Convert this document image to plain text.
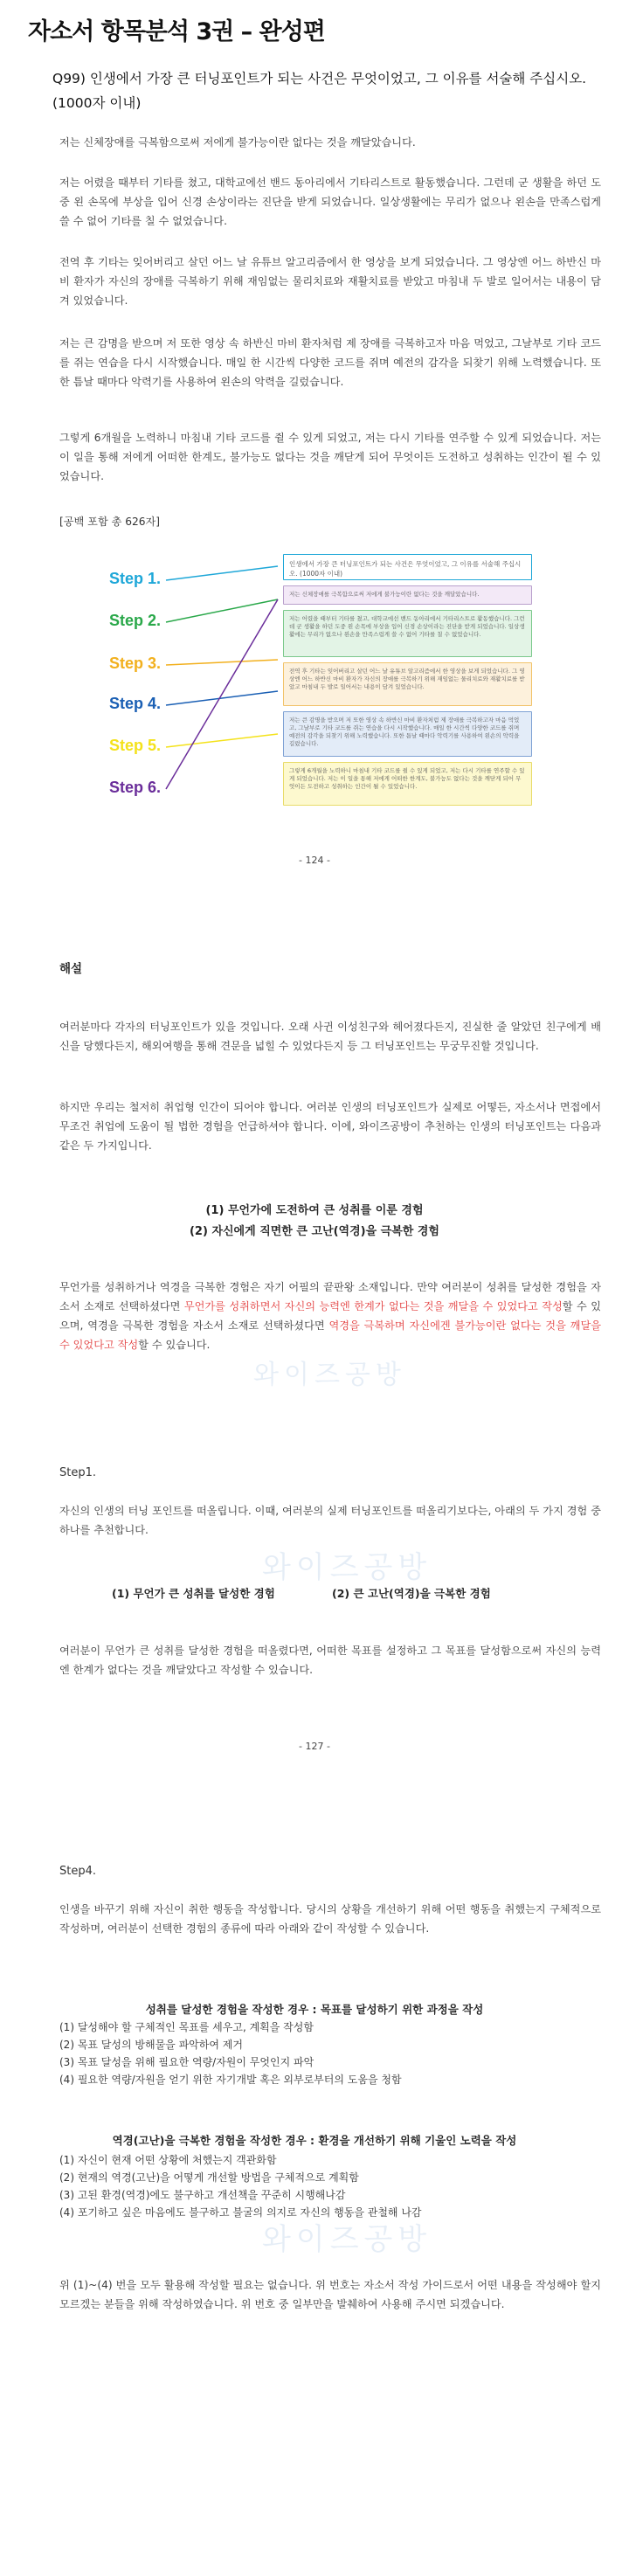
자소서 항목분석 3권 – 완성편
Q99) 인생에서 가장 큰 터닝포인트가 되는 사건은 무엇이었고, 그 이유를 서술해 주십시오. (1000자 이내)
저는 신체장애를 극복함으로써 저에게 불가능이란 없다는 것을 깨달았습니다.
저는 어렸을 때부터 기타를 쳤고, 대학교에선 밴드 동아리에서 기타리스트로 활동했습니다. 그런데 군 생활을 하던 도중 왼 손목에 부상을 입어 신경 손상이라는 진단을 받게 되었습니다. 일상생활에는 무리가 없으나 왼손을 만족스럽게 쓸 수 없어 기타를 칠 수 없었습니다.
전역 후 기타는 잊어버리고 살던 어느 날 유튜브 알고리즘에서 한 영상을 보게 되었습니다. 그 영상엔 어느 하반신 마비 환자가 자신의 장애를 극복하기 위해 재임없는 물리치료와 재활치료를 받았고 마침내 두 발로 일어서는 내용이 담겨 있었습니다.
저는 큰 감명을 받으며 저 또한 영상 속 하반신 마비 환자처럼 제 장애를 극복하고자 마음 먹었고, 그날부로 기타 코드를 쥐는 연습을 다시 시작했습니다. 매일 한 시간씩 다양한 코드를 쥐며 예전의 감각을 되찾기 위해 노력했습니다. 또한 틈날 때마다 악력기를 사용하여 왼손의 악력을 길렀습니다.
그렇게 6개월을 노력하니 마침내 기타 코드를 쥘 수 있게 되었고, 저는 다시 기타를 연주할 수 있게 되었습니다. 저는 이 일을 통해 저에게 어떠한 한계도, 불가능도 없다는 것을 깨닫게 되어 무엇이든 도전하고 성취하는 인간이 될 수 있었습니다.
[공백 포함 총 626자]
Step 1.
Step 2.
Step 3.
Step 4.
Step 5.
Step 6.
인생에서 가장 큰 터닝포인트가 되는 사건은 무엇이었고, 그 이유를 서술해 주십시오. (1000자 이내)
저는 신체장애를 극복함으로써 저에게 불가능이란 없다는 것을 깨달았습니다.
저는 어렸을 때부터 기타를 쳤고, 대학교에선 밴드 동아리에서 기타리스트로 활동했습니다. 그런데 군 생활을 하던 도중 왼 손목에 부상을 입어 신경 손상이라는 진단을 받게 되었습니다. 일상생활에는 무리가 없으나 왼손을 만족스럽게 쓸 수 없어 기타를 칠 수 없었습니다.
전역 후 기타는 잊어버리고 살던 어느 날 유튜브 알고리즘에서 한 영상을 보게 되었습니다. 그 영상엔 어느 하반신 마비 환자가 자신의 장애를 극복하기 위해 재임없는 물리치료와 재활치료를 받았고 마침내 두 발로 일어서는 내용이 담겨 있었습니다.
저는 큰 감명을 받으며 저 또한 영상 속 하반신 마비 환자처럼 제 장애를 극복하고자 마음 먹었고, 그날부로 기타 코드를 쥐는 연습을 다시 시작했습니다. 매일 한 시간씩 다양한 코드를 쥐며 예전의 감각을 되찾기 위해 노력했습니다. 또한 틈날 때마다 악력기를 사용하여 왼손의 악력을 길렀습니다.
그렇게 6개월을 노력하니 마침내 기타 코드를 쥘 수 있게 되었고, 저는 다시 기타를 연주할 수 있게 되었습니다. 저는 이 일을 통해 저에게 어떠한 한계도, 불가능도 없다는 것을 깨닫게 되어 무엇이든 도전하고 성취하는 인간이 될 수 있었습니다.
- 124 -
해설
여러분마다 각자의 터닝포인트가 있을 것입니다. 오래 사귄 이성친구와 헤어졌다든지, 진실한 줄 알았던 친구에게 배신을 당했다든지, 해외여행을 통해 견문을 넓힐 수 있었다든지 등 그 터닝포인트는 무궁무진할 것입니다.
하지만 우리는 철저히 취업형 인간이 되어야 합니다. 여러분 인생의 터닝포인트가 실제로 어떻든, 자소서나 면접에서 무조건 취업에 도움이 될 법한 경험을 언급하셔야 합니다. 이에, 와이즈공방이 추천하는 인생의 터닝포인트는 다음과 같은 두 가지입니다.
(1) 무언가에 도전하여 큰 성취를 이룬 경험
(2) 자신에게 직면한 큰 고난(역경)을 극복한 경험
무언가를 성취하거나 역경을 극복한 경험은 자기 어필의 끝판왕 소재입니다. 만약 여러분이 성취를 달성한 경험을 자소서 소재로 선택하셨다면 무언가를 성취하면서 자신의 능력엔 한계가 없다는 것을 깨달을 수 있었다고 작성할 수 있으며, 역경을 극복한 경험을 자소서 소재로 선택하셨다면 역경을 극복하며 자신에겐 불가능이란 없다는 것을 깨달을 수 있었다고 작성할 수 있습니다.
와이즈공방
Step1.
자신의 인생의 터닝 포인트를 떠올립니다. 이때, 여러분의 실제 터닝포인트를 떠올리기보다는, 아래의 두 가지 경험 중 하나를 추천합니다.
(1) 무언가 큰 성취를 달성한 경험	(2) 큰 고난(역경)을 극복한 경험
와이즈공방
여러분이 무언가 큰 성취를 달성한 경험을 떠올렸다면, 어떠한 목표를 설정하고 그 목표를 달성함으로써 자신의 능력엔 한계가 없다는 것을 깨달았다고 작성할 수 있습니다.
- 127 -
Step4.
인생을 바꾸기 위해 자신이 취한 행동을 작성합니다. 당시의 상황을 개선하기 위해 어떤 행동을 취했는지 구체적으로 작성하며, 여러분이 선택한 경험의 종류에 따라 아래와 같이 작성할 수 있습니다.
성취를 달성한 경험을 작성한 경우 : 목표를 달성하기 위한 과정을 작성
(1) 달성해야 할 구체적인 목표를 세우고, 계획을 작성함
(2) 목표 달성의 방해물을 파악하여 제거
(3) 목표 달성을 위해 필요한 역량/자원이 무엇인지 파악
(4) 필요한 역량/자원을 얻기 위한 자기개발 혹은 외부로부터의 도움을 청함
역경(고난)을 극복한 경험을 작성한 경우 : 환경을 개선하기 위해 기울인 노력을 작성
(1) 자신이 현재 어떤 상황에 처했는지 객관화함
(2) 현재의 역경(고난)을 어떻게 개선할 방법을 구체적으로 계획함
(3) 고된 환경(역경)에도 불구하고 개선책을 꾸준히 시행해나감
(4) 포기하고 싶은 마음에도 불구하고 불굴의 의지로 자신의 행동을 관철해 나감
와이즈공방
위 (1)~(4) 번을 모두 활용해 작성할 필요는 없습니다. 위 번호는 자소서 작성 가이드로서 어떤 내용을 작성해야 할지 모르겠는 분들을 위해 작성하였습니다. 위 번호 중 일부만을 발췌하여 사용해 주시면 되겠습니다.
